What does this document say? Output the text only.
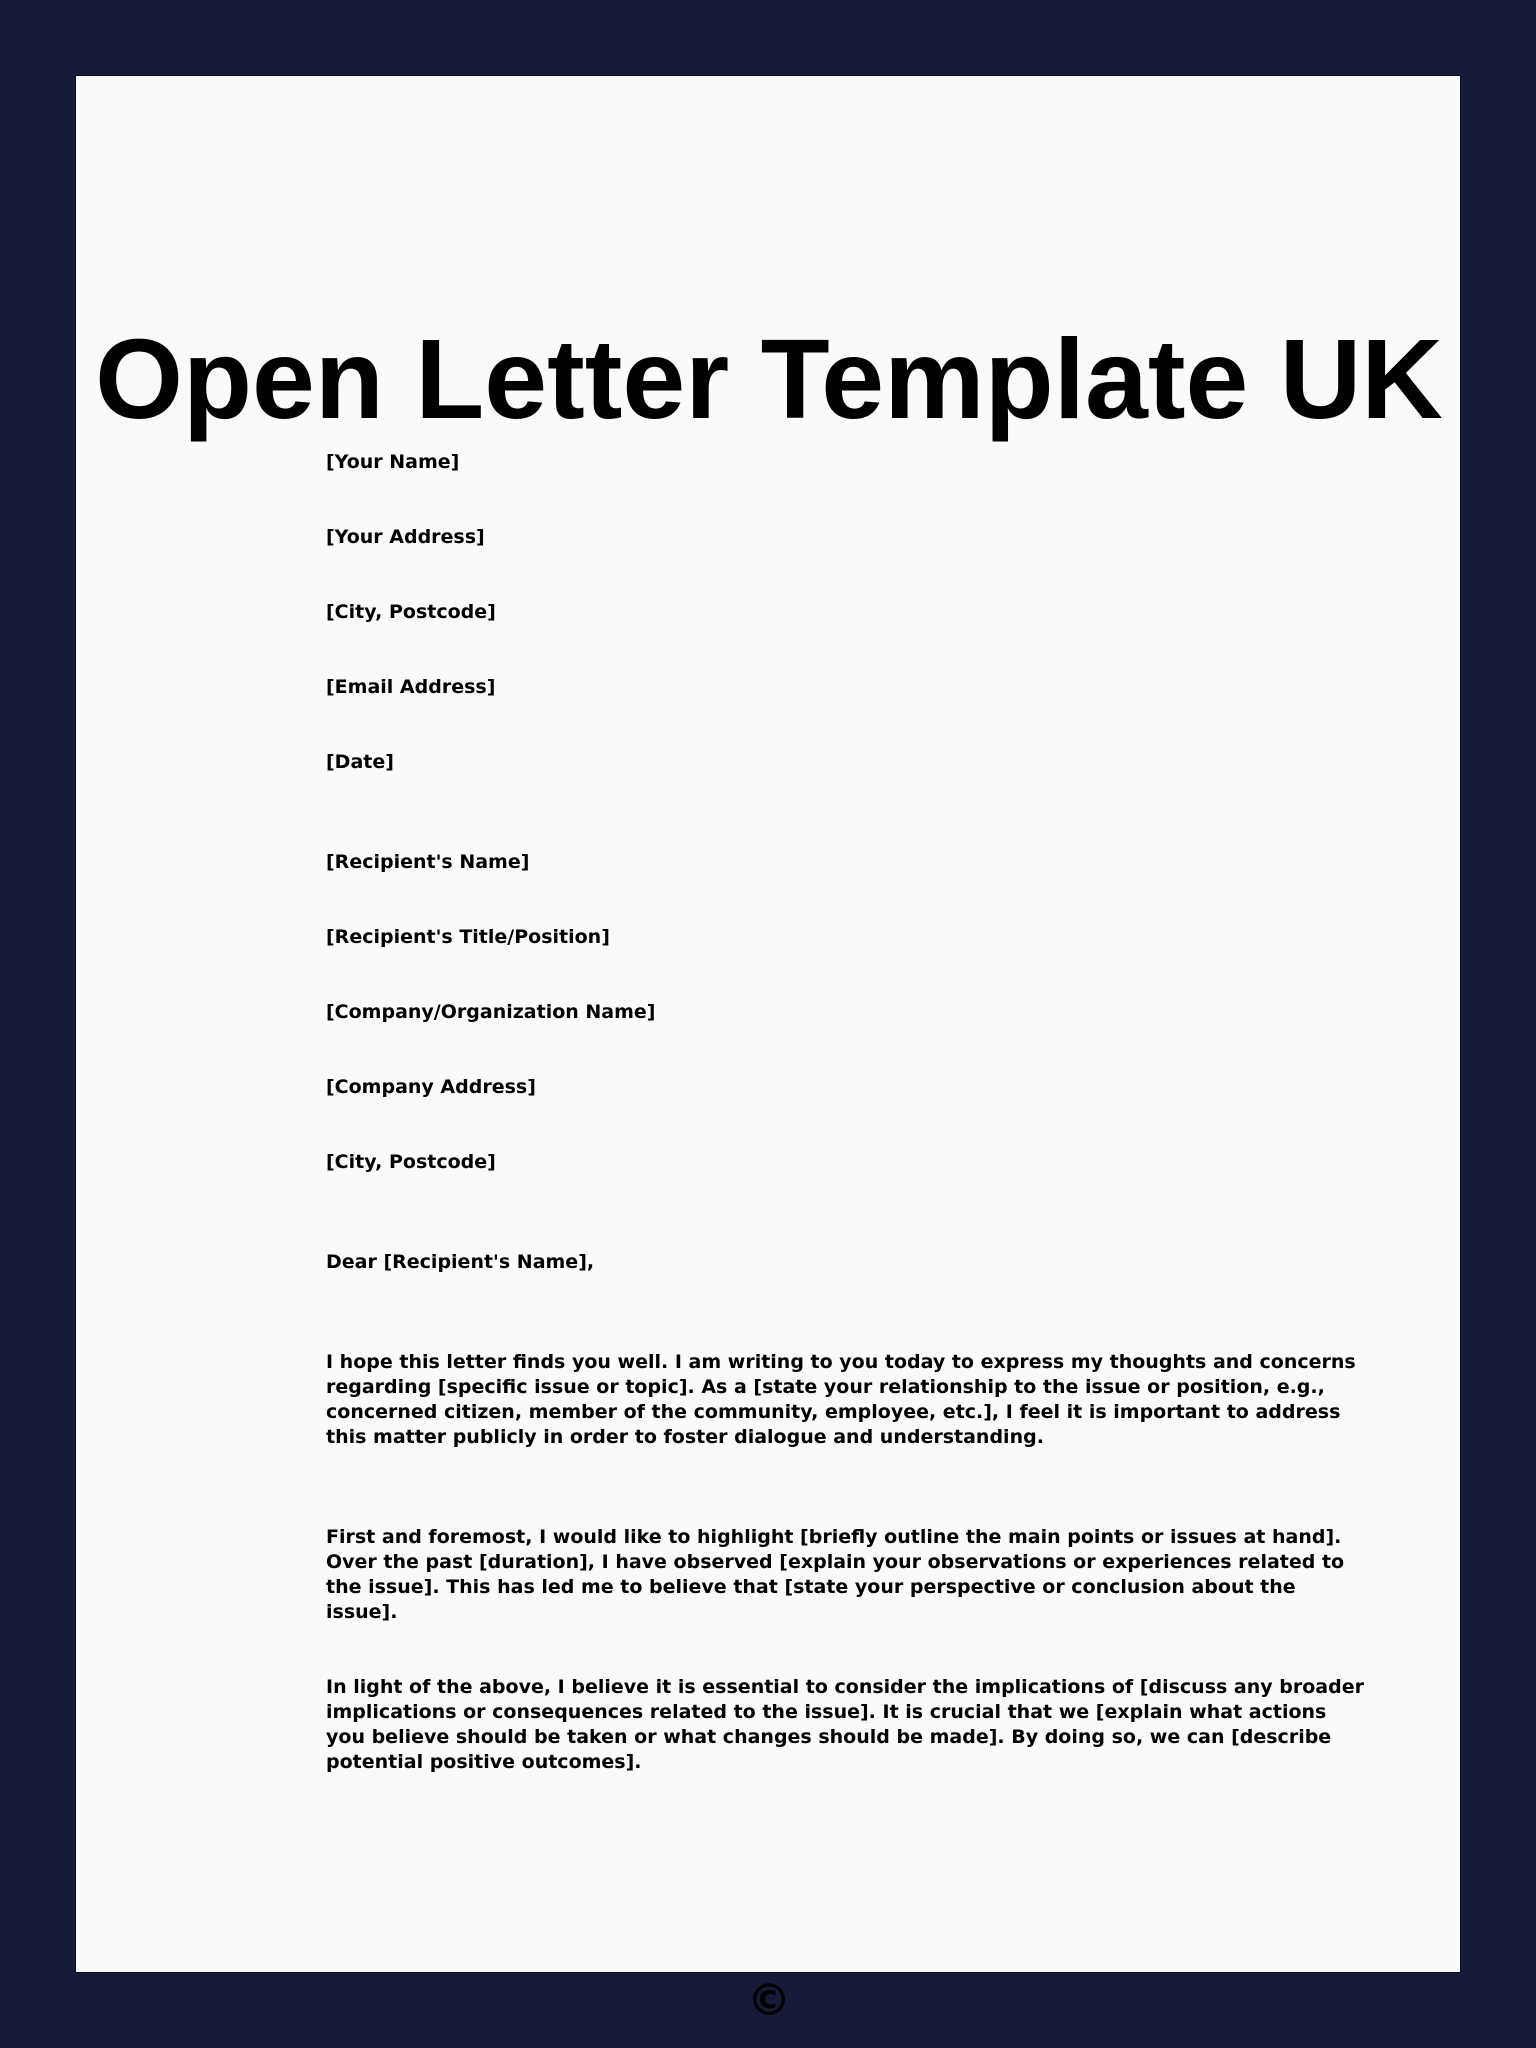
Open Letter Template UK

[Your Name]

[Your Address]

[City, Postcode]

[Email Address]

[Date]

[Recipient's Name]

[Recipient's Title/Position]

[Company/Organization Name]

[Company Address]

[City, Postcode]

Dear [Recipient's Name],

I hope this letter finds you well. I am writing to you today to express my thoughts and concerns regarding [specific issue or topic]. As a [state your relationship to the issue or position, e.g., concerned citizen, member of the community, employee, etc.], I feel it is important to address this matter publicly in order to foster dialogue and understanding.

First and foremost, I would like to highlight [briefly outline the main points or issues at hand]. Over the past [duration], I have observed [explain your observations or experiences related to the issue]. This has led me to believe that [state your perspective or conclusion about the issue].

In light of the above, I believe it is essential to consider the implications of [discuss any broader implications or consequences related to the issue]. It is crucial that we [explain what actions you believe should be taken or what changes should be made]. By doing so, we can [describe potential positive outcomes].

©
